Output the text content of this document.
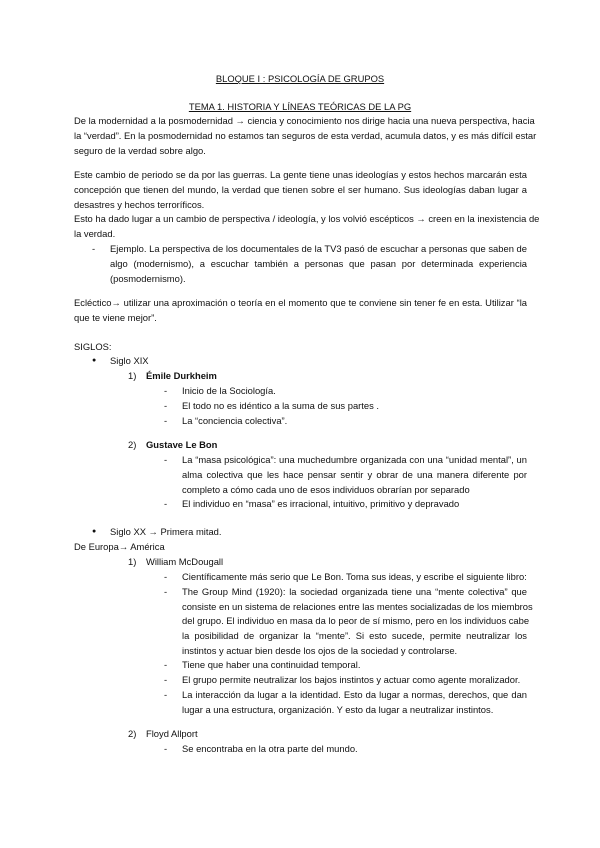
BLOQUE I : PSICOLOGÍA DE GRUPOS
TEMA 1. HISTORIA Y LÍNEAS TEÓRICAS DE LA PG
De la modernidad a la posmodernidad → ciencia y conocimiento nos dirige hacia una nueva perspectiva, hacia
la “verdad”. En la posmodernidad no estamos tan seguros de esta verdad, acumula datos, y es más difícil estar
seguro de la verdad sobre algo.
Este cambio de periodo se da por las guerras. La gente tiene unas ideologías y estos hechos marcarán esta
concepción que tienen del mundo, la verdad que tienen sobre el ser humano. Sus ideologías daban lugar a
desastres y hechos terroríficos.
Esto ha dado lugar a un cambio de perspectiva / ideología, y los volvió escépticos → creen en la inexistencia de
la verdad.
- Ejemplo. La perspectiva de los documentales de la TV3 pasó de escuchar a personas que saben de
algo (modernismo), a escuchar también a personas que pasan por determinada experiencia
(posmodernismo).
Ecléctico→ utilizar una aproximación o teoría en el momento que te conviene sin tener fe en esta. Utilizar “la
que te viene mejor”.
SIGLOS:
● Siglo XIX
1) Émile Durkheim
- Inicio de la Sociología.
- El todo no es idéntico a la suma de sus partes .
- La “conciencia colectiva”.
2) Gustave Le Bon
- La “masa psicológica”: una muchedumbre organizada con una “unidad mental”, un
alma colectiva que les hace pensar sentir y obrar de una manera diferente por
completo a cómo cada uno de esos individuos obrarían por separado
- El individuo en “masa” es irracional, intuitivo, primitivo y depravado
● Siglo XX → Primera mitad.
De Europa→ América
1) William McDougall
- Científicamente más serio que Le Bon. Toma sus ideas, y escribe el siguiente libro:
- The Group Mind (1920): la sociedad organizada tiene una “mente colectiva” que
consiste en un sistema de relaciones entre las mentes socializadas de los miembros
del grupo. El individuo en masa da lo peor de sí mismo, pero en los individuos cabe
la posibilidad de organizar la “mente”. Si esto sucede, permite neutralizar los
instintos y actuar bien desde los ojos de la sociedad y controlarse.
- Tiene que haber una continuidad temporal.
- El grupo permite neutralizar los bajos instintos y actuar como agente moralizador.
- La interacción da lugar a la identidad. Esto da lugar a normas, derechos, que dan
lugar a una estructura, organización. Y esto da lugar a neutralizar instintos.
2) Floyd Allport
- Se encontraba en la otra parte del mundo.
